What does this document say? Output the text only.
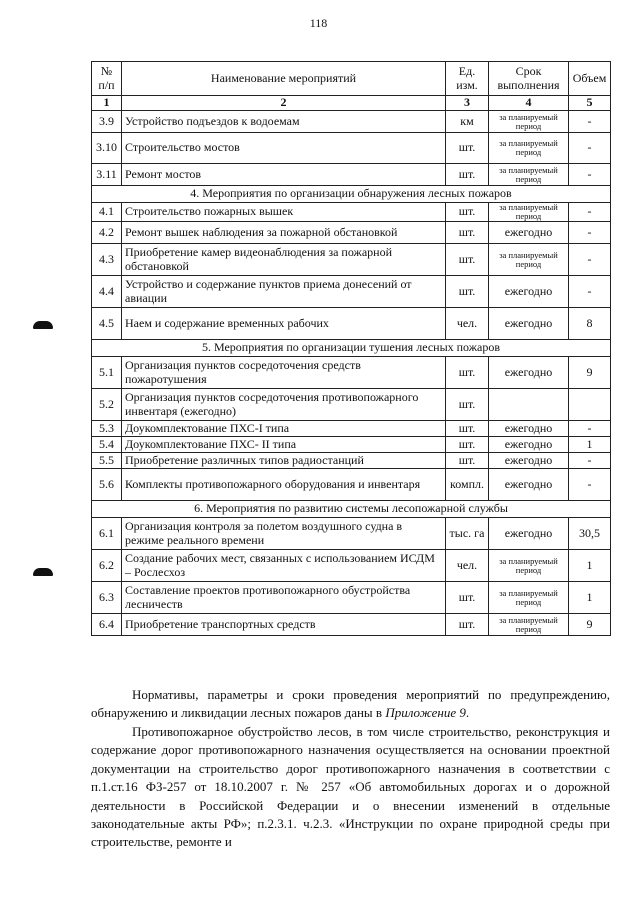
118
№ п/п	Наименование мероприятий	Ед. изм.	Срок выполнения	Объем
1	2	3	4	5
3.9	Устройство подъездов к водоемам	км	за планируемый период	-
3.10	Строительство мостов	шт.	за планируемый период	-
3.11	Ремонт мостов	шт.	за планируемый период	-
4. Мероприятия по организации обнаружения лесных пожаров				
4.1	Строительство пожарных вышек	шт.	за планируемый период	-
4.2	Ремонт вышек наблюдения за пожарной обстановкой	шт.	ежегодно	-
4.3	Приобретение камер видеонаблюдения за пожарной обстановкой	шт.	за планируемый период	-
4.4	Устройство и содержание пунктов приема донесений от авиации	шт.	ежегодно	-
4.5	Наем и содержание временных рабочих	чел.	ежегодно	8
5. Мероприятия по организации тушения лесных пожаров				
5.1	Организация пунктов сосредоточения средств пожаротушения	шт.	ежегодно	9
5.2	Организация пунктов сосредоточения противопожарного инвентаря (ежегодно)	шт.		
5.3	Доукомплектование ПХС-I типа	шт.	ежегодно	-
5.4	Доукомплектование ПХС- II типа	шт.	ежегодно	1
5.5	Приобретение различных типов радиостанций	шт.	ежегодно	-
5.6	Комплекты противопожарного оборудования и инвентаря	компл.	ежегодно	-
6. Мероприятия по развитию системы лесопожарной службы				
6.1	Организация контроля за полетом воздушного судна в режиме реального времени	тыс. га	ежегодно	30,5
6.2	Создание рабочих мест, связанных с использованием ИСДМ – Рослесхоз	чел.	за планируемый период	1
6.3	Составление проектов противопожарного обустройства лесничеств	шт.	за планируемый период	1
6.4	Приобретение транспортных средств	шт.	за планируемый период	9

Нормативы, параметры и сроки проведения мероприятий по предупреждению, обнаружению и ликвидации лесных пожаров даны в Приложение 9.

Противопожарное обустройство лесов, в том числе строительство, реконструкция и содержание дорог противопожарного назначения осуществляется на основании проектной документации на строительство дорог противопожарного назначения в соответствии с п.1.ст.16 ФЗ-257 от 18.10.2007 г. № 257 «Об автомобильных дорогах и о дорожной деятельности в Российской Федерации и о внесении изменений в отдельные законодательные акты РФ»; п.2.3.1. ч.2.3. «Инструкции по охране природной среды при строительстве, ремонте и
